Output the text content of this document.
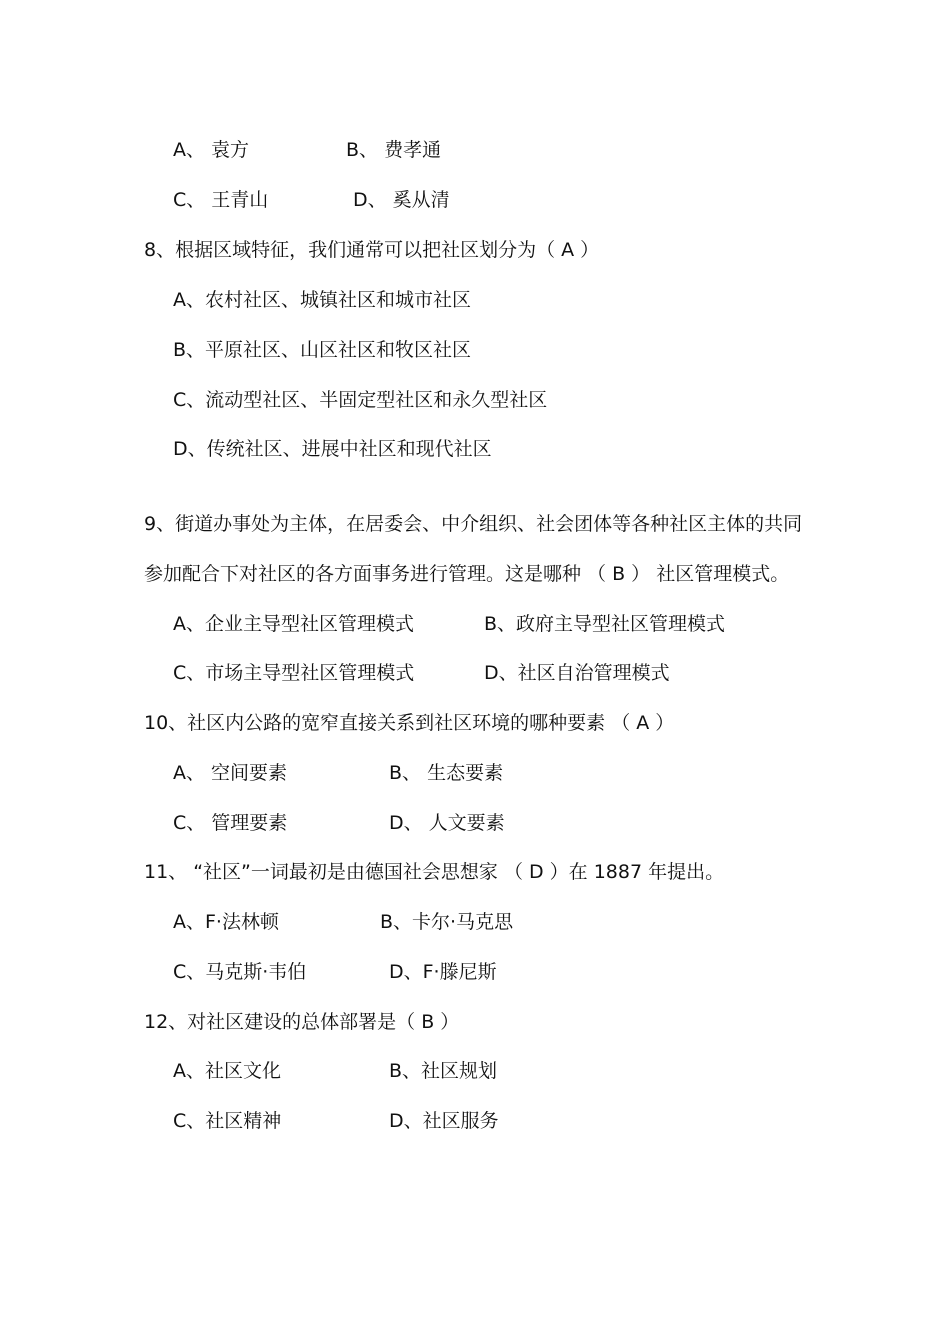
A、 袁方	B、 费孝通
C、 王青山	D、 奚从清
8、根据区域特征，我们通常可以把社区划分为（ A ）
A、农村社区、城镇社区和城市社区
B、平原社区、山区社区和牧区社区
C、流动型社区、半固定型社区和永久型社区
D、传统社区、进展中社区和现代社区
9、街道办事处为主体，在居委会、中介组织、社会团体等各种社区主体的共同
参加配合下对社区的各方面事务进行管理。这是哪种 （ B ） 社区管理模式。
A、企业主导型社区管理模式	B、政府主导型社区管理模式
C、市场主导型社区管理模式	D、社区自治管理模式
10、社区内公路的宽窄直接关系到社区环境的哪种要素 （ A ）
A、 空间要素	B、 生态要素
C、 管理要素	D、 人文要素
11、 “社区”一词最初是由德国社会思想家 （ D ）在 1887 年提出。
A、F·法林顿	B、卡尔·马克思
C、马克斯·韦伯	D、F·滕尼斯
12、对社区建设的总体部署是（ B ）
A、社区文化	B、社区规划
C、社区精神	D、社区服务
